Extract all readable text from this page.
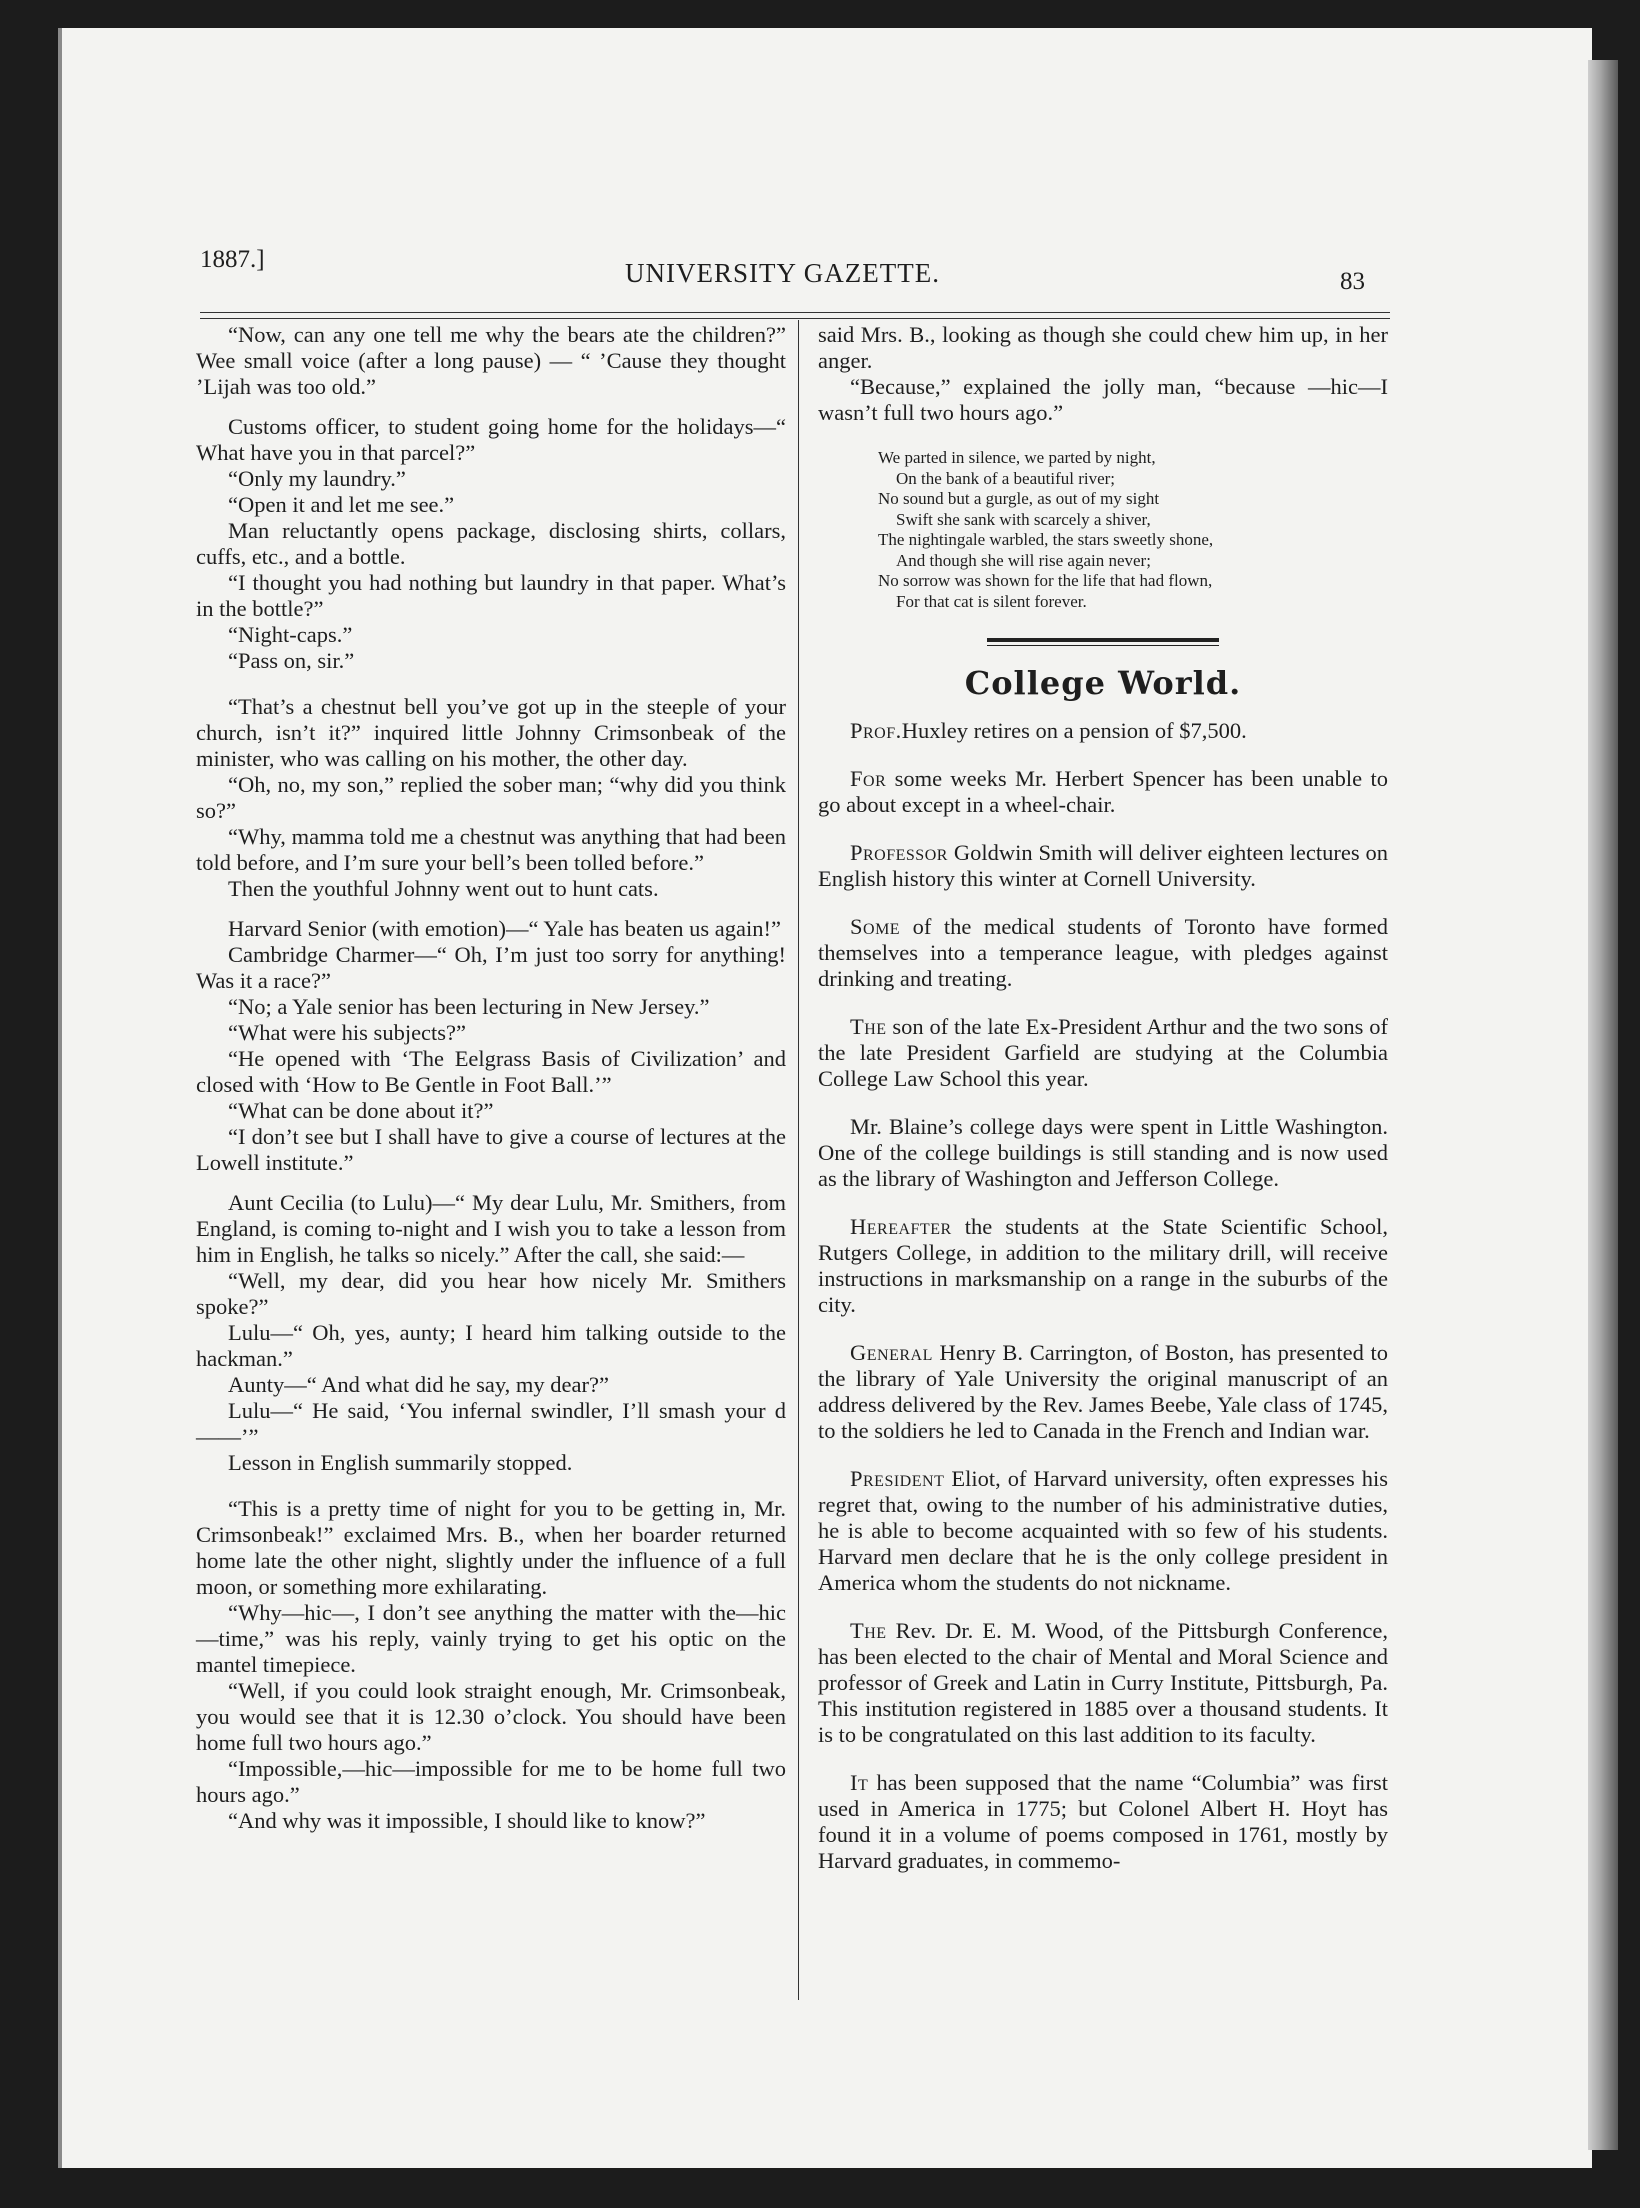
1887.]	UNIVERSITY GAZETTE.	83

“Now, can any one tell me why the bears ate the children?” Wee small voice (after a long pause) — “ ’Cause they thought ’Lijah was too old.”

Customs officer, to student going home for the holidays—“ What have you in that parcel?”

“Only my laundry.”

“Open it and let me see.”

Man reluctantly opens package, disclosing shirts, collars, cuffs, etc., and a bottle.

“I thought you had nothing but laundry in that paper. What’s in the bottle?”

“Night-caps.”

“Pass on, sir.”

“That’s a chestnut bell you’ve got up in the steeple of your church, isn’t it?” inquired little Johnny Crimsonbeak of the minister, who was calling on his mother, the other day.

“Oh, no, my son,” replied the sober man; “why did you think so?”

“Why, mamma told me a chestnut was anything that had been told before, and I’m sure your bell’s been tolled before.”

Then the youthful Johnny went out to hunt cats.

Harvard Senior (with emotion)—“ Yale has beaten us again!”

Cambridge Charmer—“ Oh, I’m just too sorry for anything! Was it a race?”

“No; a Yale senior has been lecturing in New Jersey.”

“What were his subjects?”

“He opened with ‘The Eelgrass Basis of Civilization’ and closed with ‘How to Be Gentle in Foot Ball.’”

“What can be done about it?”

“I don’t see but I shall have to give a course of lectures at the Lowell institute.”

Aunt Cecilia (to Lulu)—“ My dear Lulu, Mr. Smithers, from England, is coming to-night and I wish you to take a lesson from him in English, he talks so nicely.” After the call, she said:—

“Well, my dear, did you hear how nicely Mr. Smithers spoke?”

Lulu—“ Oh, yes, aunty; I heard him talking outside to the hackman.”

Aunty—“ And what did he say, my dear?”

Lulu—“ He said, ‘You infernal swindler, I’ll smash your d——’”

Lesson in English summarily stopped.

“This is a pretty time of night for you to be getting in, Mr. Crimsonbeak!” exclaimed Mrs. B., when her boarder returned home late the other night, slightly under the influence of a full moon, or something more exhilarating.

“Why—hic—, I don’t see anything the matter with the—hic—time,” was his reply, vainly trying to get his optic on the mantel timepiece.

“Well, if you could look straight enough, Mr. Crimsonbeak, you would see that it is 12.30 o’clock. You should have been home full two hours ago.”

“Impossible,—hic—impossible for me to be home full two hours ago.”

“And why was it impossible, I should like to know?”

said Mrs. B., looking as though she could chew him up, in her anger.

“Because,” explained the jolly man, “because —hic—I wasn’t full two hours ago.”

We parted in silence, we parted by night,
On the bank of a beautiful river;
No sound but a gurgle, as out of my sight
Swift she sank with scarcely a shiver,
The nightingale warbled, the stars sweetly shone,
And though she will rise again never;
No sorrow was shown for the life that had flown,
For that cat is silent forever.
College World.

Prof.Huxley retires on a pension of $7,500.

For some weeks Mr. Herbert Spencer has been unable to go about except in a wheel-chair.

Professor Goldwin Smith will deliver eighteen lectures on English history this winter at Cornell University.

Some of the medical students of Toronto have formed themselves into a temperance league, with pledges against drinking and treating.

The son of the late Ex-President Arthur and the two sons of the late President Garfield are studying at the Columbia College Law School this year.

Mr. Blaine’s college days were spent in Little Washington. One of the college buildings is still standing and is now used as the library of Washington and Jefferson College.

Hereafter the students at the State Scientific School, Rutgers College, in addition to the military drill, will receive instructions in marksmanship on a range in the suburbs of the city.

General Henry B. Carrington, of Boston, has presented to the library of Yale University the original manuscript of an address delivered by the Rev. James Beebe, Yale class of 1745, to the soldiers he led to Canada in the French and Indian war.

President Eliot, of Harvard university, often expresses his regret that, owing to the number of his administrative duties, he is able to become acquainted with so few of his students. Harvard men declare that he is the only college president in America whom the students do not nickname.

The Rev. Dr. E. M. Wood, of the Pittsburgh Conference, has been elected to the chair of Mental and Moral Science and professor of Greek and Latin in Curry Institute, Pittsburgh, Pa. This institution registered in 1885 over a thousand students. It is to be congratulated on this last addition to its faculty.

It has been supposed that the name “Columbia” was first used in America in 1775; but Colonel Albert H. Hoyt has found it in a volume of poems composed in 1761, mostly by Harvard graduates, in commemo-
